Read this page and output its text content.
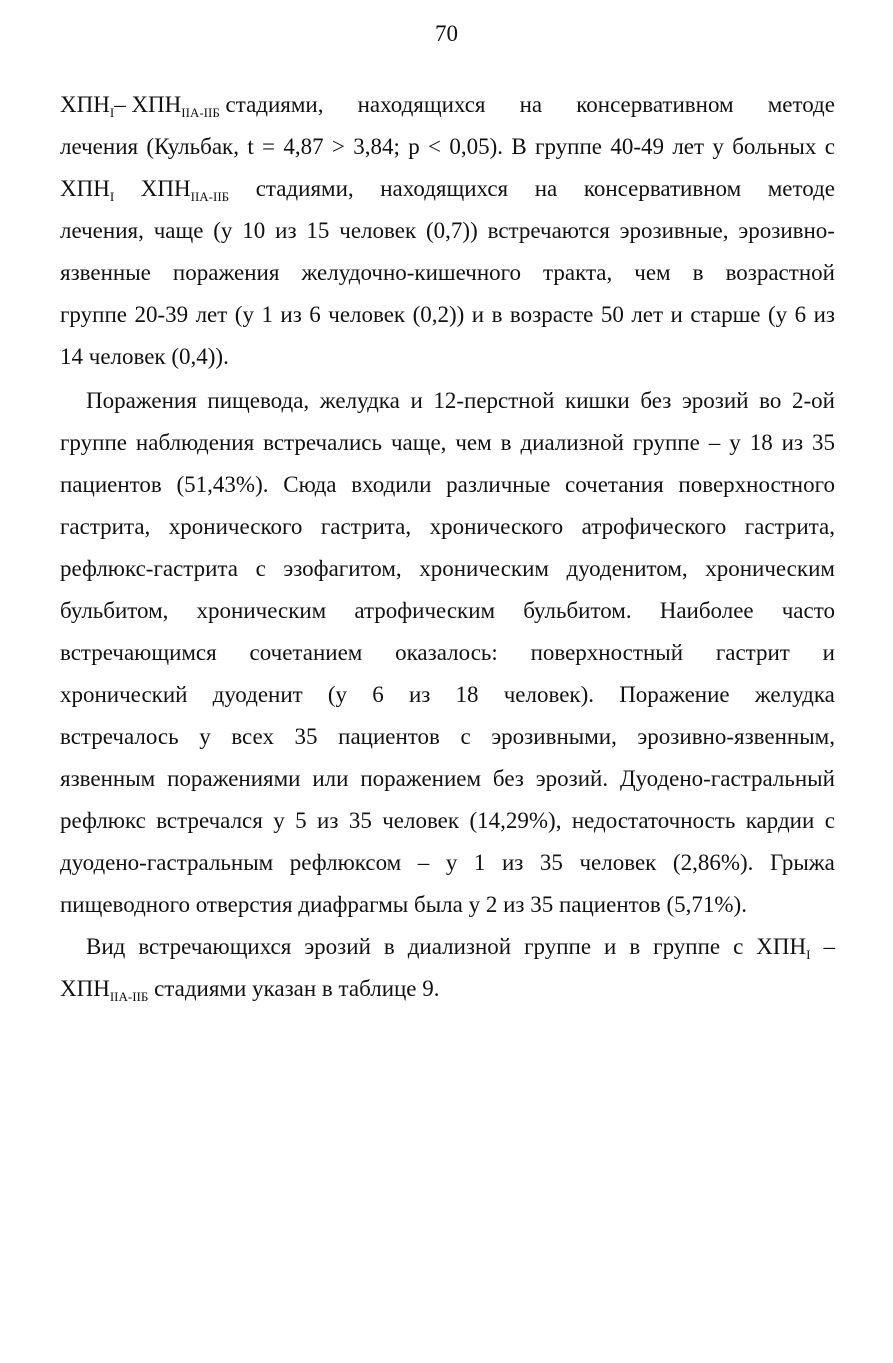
70
$ХПН_I-$ $ХПН_{IIА-IIБ}$ стадиями, находящихся на консервативном методе
лечения (Кульбак, t = 4,87 > 3,84; p < 0,05). В группе 40-49 лет у больных с
$ХПН_I$ $ХПН_{IIА-IIБ}$ стадиями, находящихся на консервативном методе
лечения, чаще (у 10 из 15 человек (0,7)) встречаются эрозивные, эрозивно-
язвенные поражения желудочно-кишечного тракта, чем в возрастной
группе 20-39 лет (у 1 из 6 человек (0,2)) и в возрасте 50 лет и старше (у 6 из
14 человек (0,4)).
Поражения пищевода, желудка и 12-перстной кишки без эрозий во 2-ой
группе наблюдения встречались чаще, чем в диализной группе – у 18 из 35
пациентов (51,43%). Сюда входили различные сочетания поверхностного
гастрита, хронического гастрита, хронического атрофического гастрита,
рефлюкс-гастрита с эзофагитом, хроническим дуоденитом, хроническим
бульбитом, хроническим атрофическим бульбитом. Наиболее часто
встречающимся сочетанием оказалось: поверхностный гастрит и
хронический дуоденит (у 6 из 18 человек). Поражение желудка
встречалось у всех 35 пациентов с эрозивными, эрозивно-язвенным,
язвенным поражениями или поражением без эрозий. Дуодено-гастральный
рефлюкс встречался у 5 из 35 человек (14,29%), недостаточность кардии с
дуодено-гастральным рефлюксом – у 1 из 35 человек (2,86%). Грыжа
пищеводного отверстия диафрагмы была у 2 из 35 пациентов (5,71%).
Вид встречающихся эрозий в диализной группе и в группе с $ХПН_I$ –
$ХПН_{IIА-IIБ}$ стадиями указан в таблице 9.
